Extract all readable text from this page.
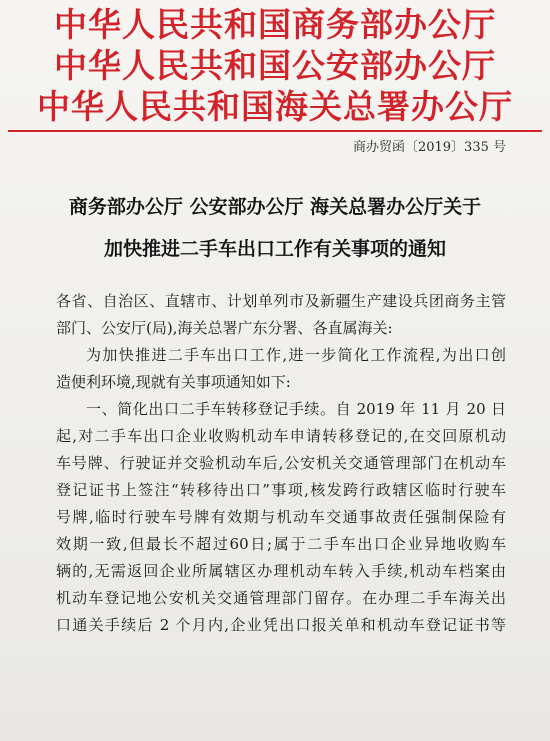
中华人民共和国商务部办公厅
中华人民共和国公安部办公厅
中华人民共和国海关总署办公厅
商办贸函〔2019〕335 号
商务部办公厅 公安部办公厅 海关总署办公厅关于
加快推进二手车出口工作有关事项的通知
各省、自治区、直辖市、计划单列市及新疆生产建设兵团商务主管
部门、公安厅(局),海关总署广东分署、各直属海关:
为加快推进二手车出口工作,进一步简化工作流程,为出口创
造便利环境,现就有关事项通知如下:
一、简化出口二手车转移登记手续。自 2019 年 11 月 20 日
起,对二手车出口企业收购机动车申请转移登记的,在交回原机动
车号牌、行驶证并交验机动车后,公安机关交通管理部门在机动车
登记证书上签注“转移待出口”事项,核发跨行政辖区临时行驶车
号牌,临时行驶车号牌有效期与机动车交通事故责任强制保险有
效期一致,但最长不超过60日;属于二手车出口企业异地收购车
辆的,无需返回企业所属辖区办理机动车转入手续,机动车档案由
机动车登记地公安机关交通管理部门留存。在办理二手车海关出
口通关手续后 2 个月内,企业凭出口报关单和机动车登记证书等
